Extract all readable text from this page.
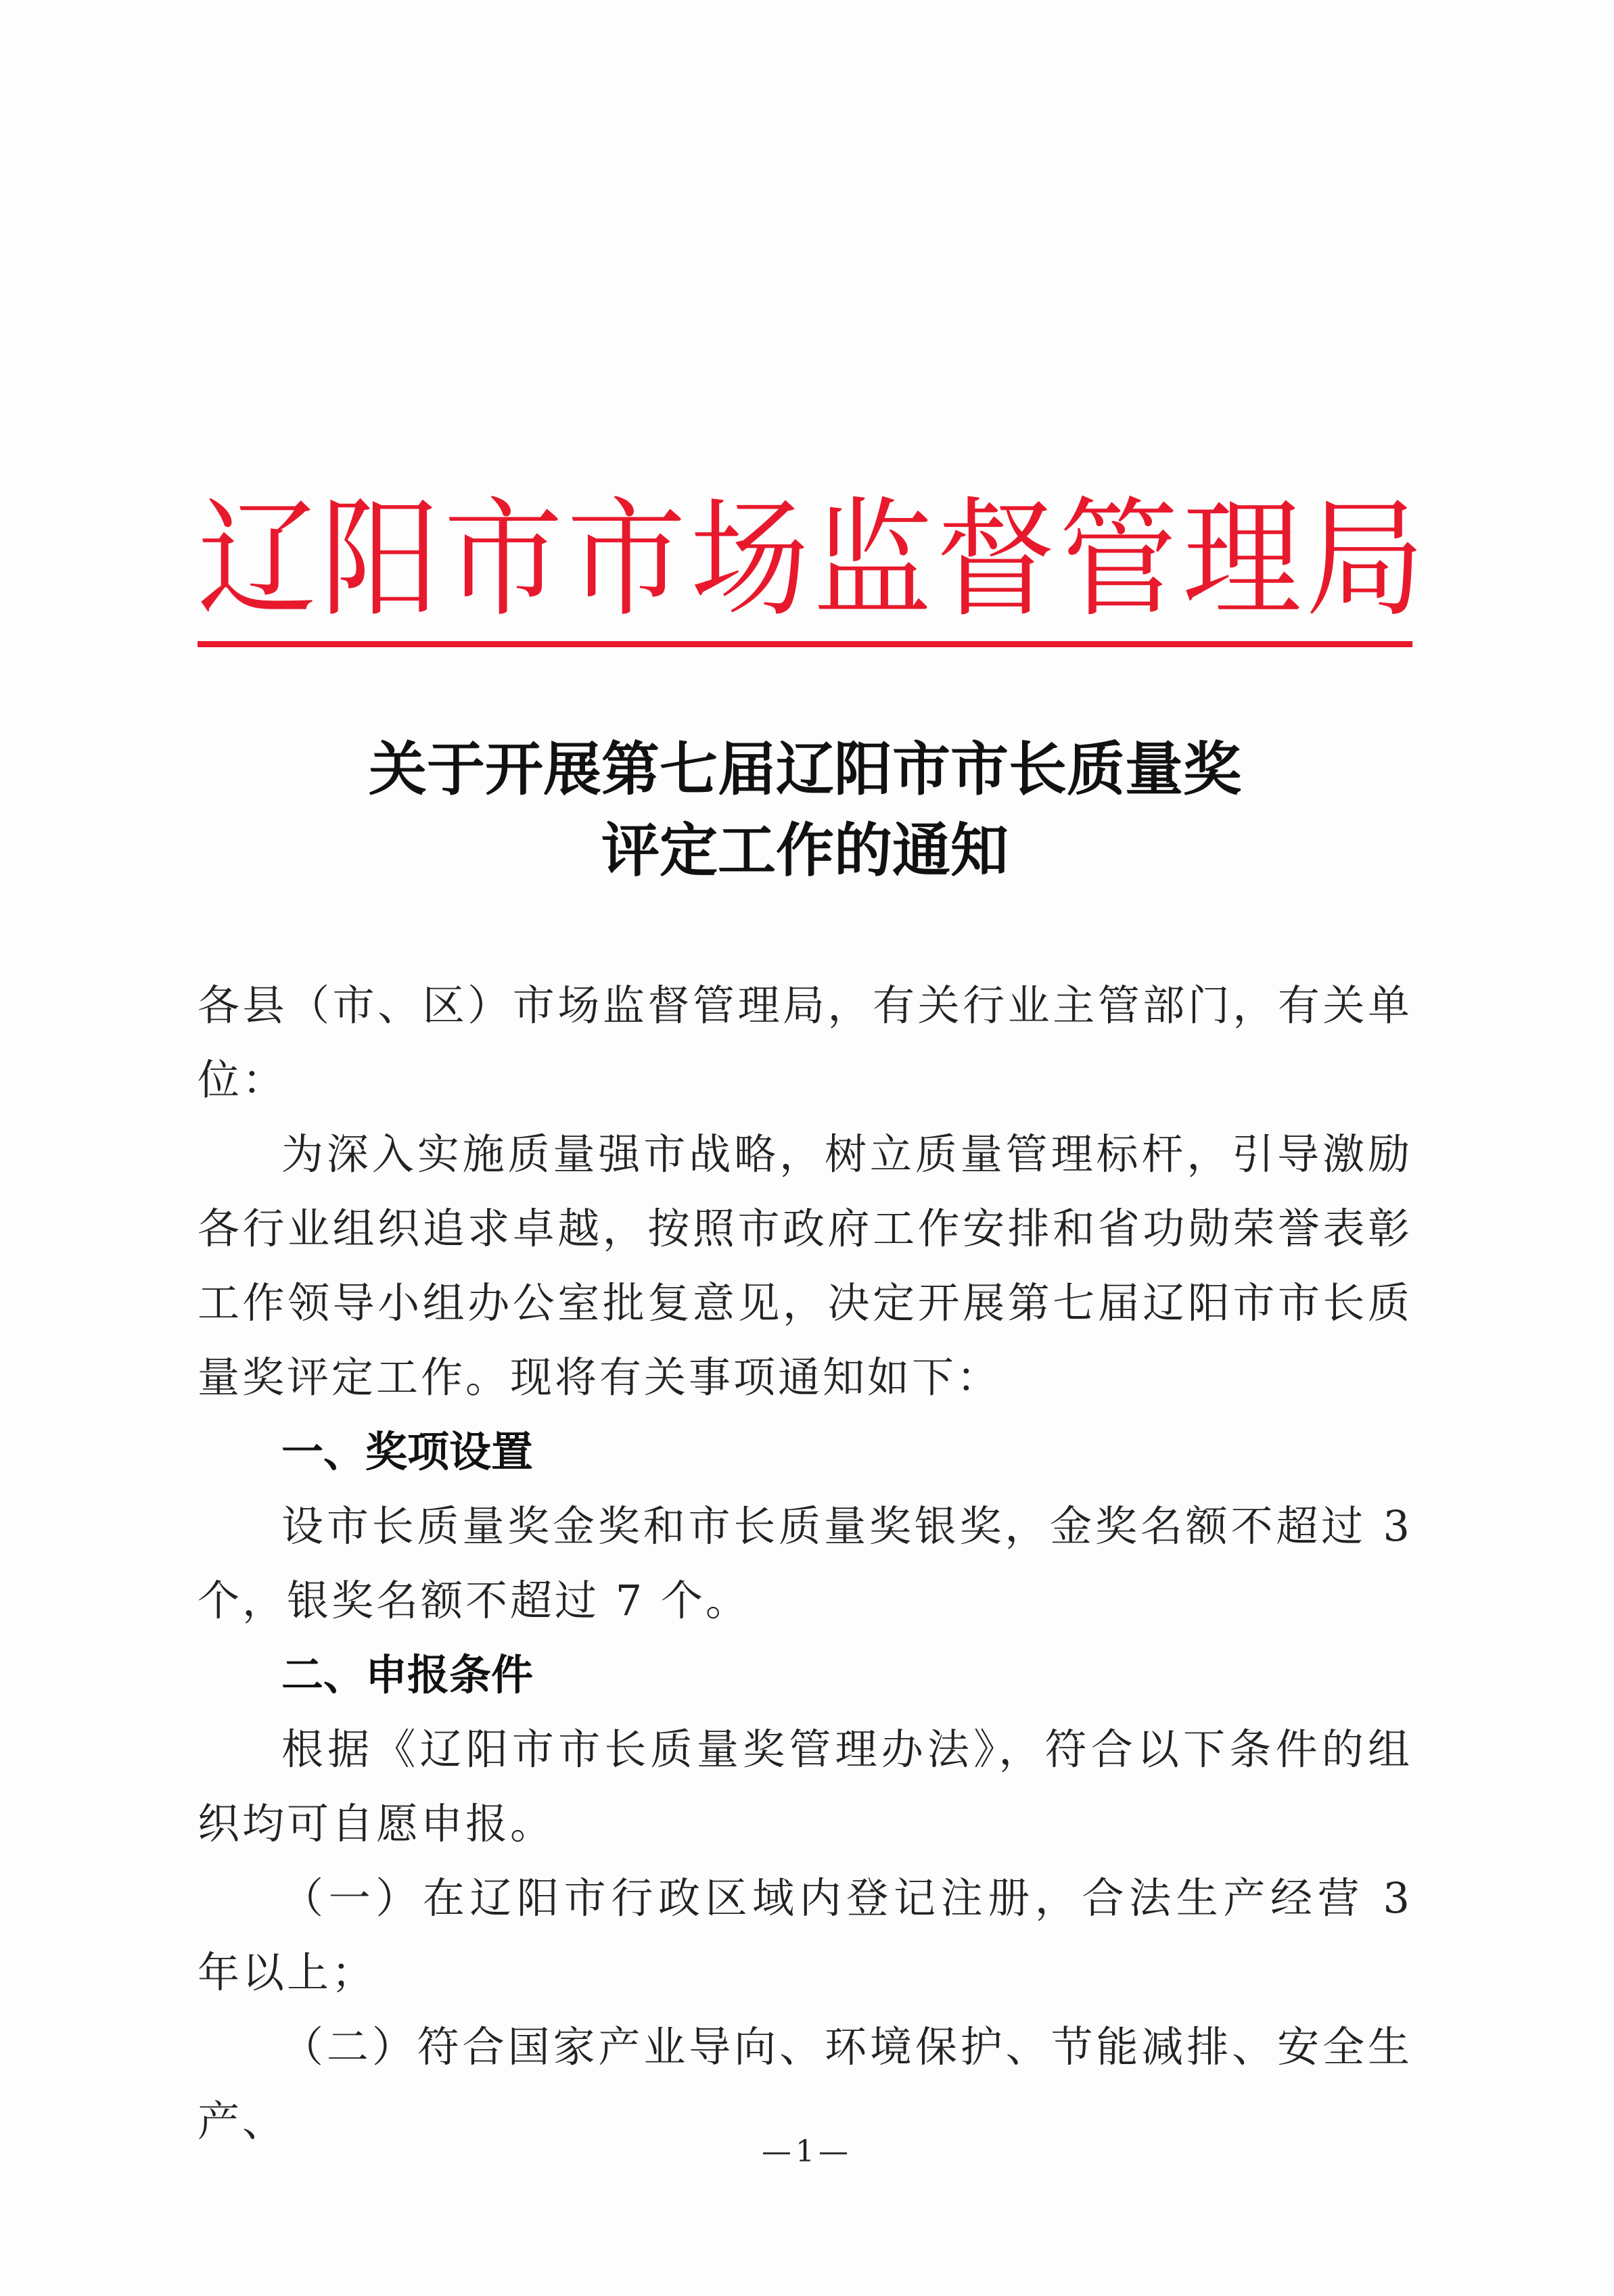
辽阳市市场监督管理局
关于开展第七届辽阳市市长质量奖
评定工作的通知

各县（市、区）市场监督管理局，有关行业主管部门，有关单位：

为深入实施质量强市战略，树立质量管理标杆，引导激励各行业组织追求卓越，按照市政府工作安排和省功勋荣誉表彰工作领导小组办公室批复意见，决定开展第七届辽阳市市长质量奖评定工作。现将有关事项通知如下：

一、奖项设置

设市长质量奖金奖和市长质量奖银奖，金奖名额不超过 3 个，银奖名额不超过 7 个。

二、申报条件

根据《辽阳市市长质量奖管理办法》，符合以下条件的组织均可自愿申报。

（一）在辽阳市行政区域内登记注册，合法生产经营 3 年以上；

（二）符合国家产业导向、环境保护、节能减排、安全生产、

—1—
